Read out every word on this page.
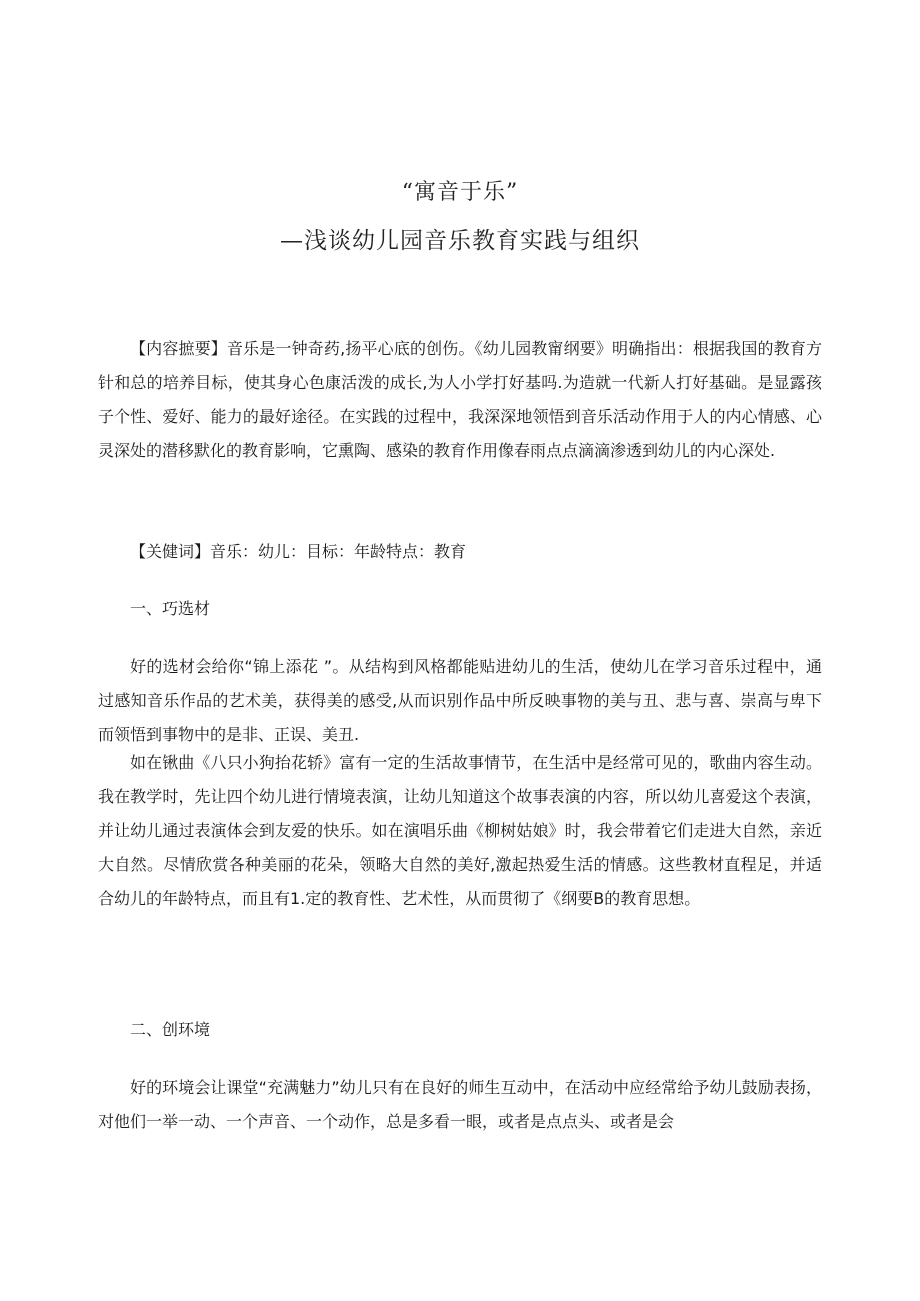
“寓音于乐”
—浅谈幼儿园音乐教育实践与组织

【内容摭要】音乐是一钟奇药,扬平心底的创伤。《幼儿园教甯纲要》明确指出：根据我国的教育方针和总的培养目标，使其身心色康活泼的成长,为人小学打好基吗.为造就一代新人打好基础。是显露孩子个性、爱好、能力的最好途径。在实践的过程中，我深深地领悟到音乐活动作用于人的内心情感、心灵深处的潜移默化的教育影响，它熏陶、感染的教育作用像春雨点点滴滴渗透到幼儿的内心深处.

【关健词】音乐：幼儿：目标：年龄特点：教育

一、巧选材

好的选材会给你“锦上添花 ”。从结构到风格都能贴进幼儿的生活，使幼儿在学习音乐过程中，通过感知音乐作品的艺术美，获得美的感受,从而识别作品中所反映事物的美与丑、悲与喜、崇高与卑下而领悟到事物中的是非、正误、美丑.

如在锹曲《八只小狗抬花轿》富有一定的生活故事情节，在生活中是经常可见的，歌曲内容生动。我在教学时，先让四个幼儿进行情境表演，让幼儿知道这个故事表演的内容，所以幼儿喜爱这个表演，并让幼儿通过表演体会到友爱的快乐。如在演唱乐曲《柳树姑娘》时，我会带着它们走进大自然，亲近大自然。尽情欣赏各种美丽的花朵，领略大自然的美好,激起热爱生活的情感。这些教材直程足，并适合幼儿的年龄特点，而且有1.定的教育性、艺术性，从而贯彻了《纲要B的教育思想。

二、创环境

好的环境会让课堂“充满魅力”幼儿只有在良好的师生互动中，在活动中应经常给予幼儿鼓励表扬，对他们一举一动、一个声音、一个动作，总是多看一眼，或者是点点头、或者是会
